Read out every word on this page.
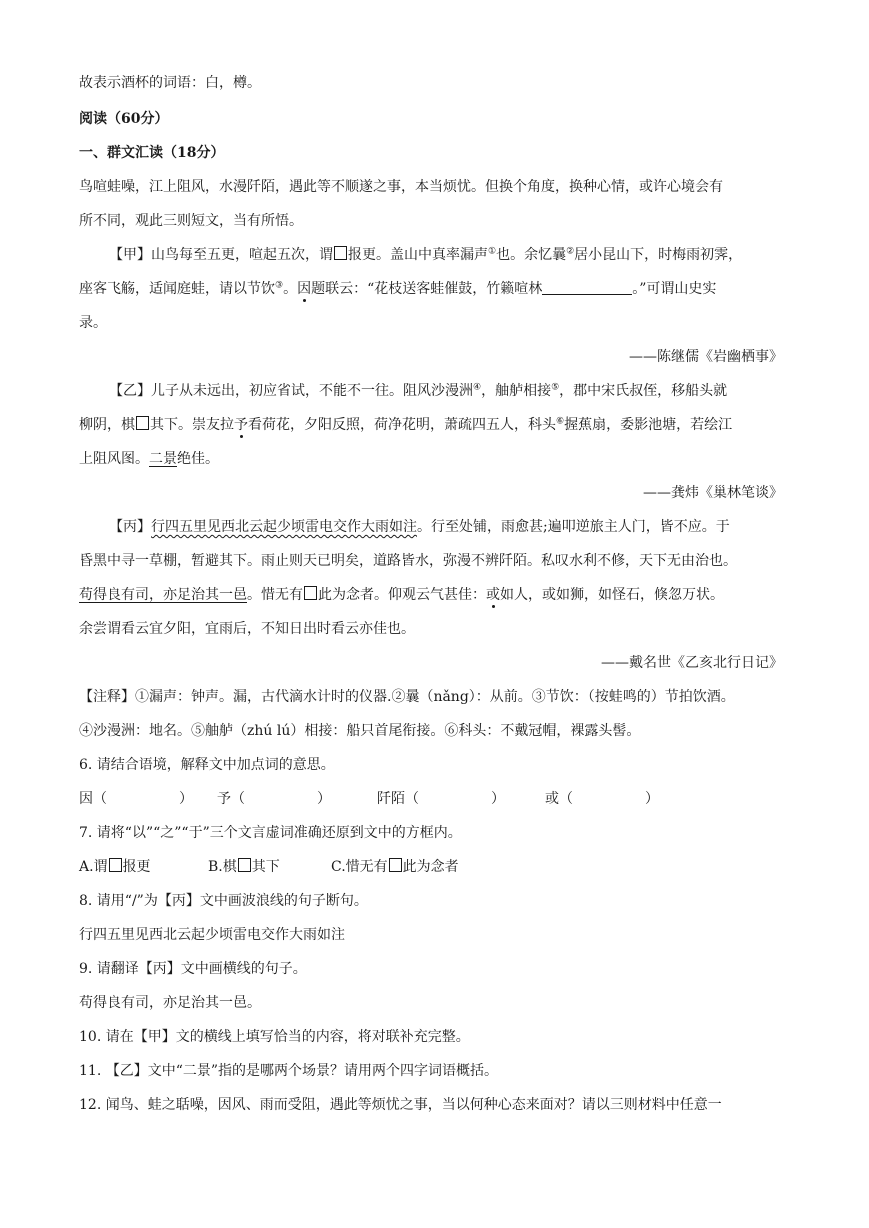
故表示酒杯的词语：白，樽。
阅读（60分）
一、群文汇读（18分）
鸟喧蛙噪，江上阻风，水漫阡陌，遇此等不顺遂之事，本当烦忧。但换个角度，换种心情，或许心境会有
所不同，观此三则短文，当有所悟。
【甲】山鸟每至五更，喧起五次，谓 报更。盖山中真率漏声①也。余忆曩②居小昆山下，时梅雨初霁，
座客飞觞，适闻庭蛙，请以节饮③。因题联云：“花枝送客蛙催鼓，竹籁喧林	。”可谓山史实
录。
——陈继儒《岩幽栖事》
【乙】儿子从未远出，初应省试，不能不一往。阻风沙漫洲④，舳舻相接⑤，郡中宋氏叔侄，移船头就
柳阴，棋 其下。崇友拉予看荷花，夕阳反照，荷净花明，萧疏四五人，科头⑥握蕉扇，委影池塘，若绘江
上阻风图。二景绝佳。
——龚炜《巢林笔谈》
【丙】行四五里见西北云起少顷雷电交作大雨如注。行至处铺，雨愈甚;遍叩逆旅主人门，皆不应。于
昏黑中寻一草棚，暂避其下。雨止则天已明矣，道路皆水，弥漫不辨阡陌。私叹水利不修，天下无由治也。
苟得良有司，亦足治其一邑。惜无有 此为念者。仰观云气甚佳：或如人，或如狮，如怪石，倏忽万状。
余尝谓看云宜夕阳，宜雨后，不知日出时看云亦佳也。
——戴名世《乙亥北行日记》
【注释】①漏声：钟声。漏，古代滴水计时的仪器.②曩（nǎng）：从前。③节饮：（按蛙鸣的）节拍饮酒。
④沙漫洲：地名。⑤舳舻（zhú lú）相接：船只首尾衔接。⑥科头：不戴冠帽，裸露头髻。
6. 请结合语境，解释文中加点词的意思。
因（	） 予（	）	阡陌（	）	或（	）
7. 请将“以”“之”“于”三个文言虚词准确还原到文中的方框内。
A.谓 报更	B.棋 其下	C.惜无有 此为念者
8. 请用“/”为【丙】文中画波浪线的句子断句。
行四五里见西北云起少顷雷电交作大雨如注
9. 请翻译【丙】文中画横线的句子。
苟得良有司，亦足治其一邑。
10. 请在【甲】文的横线上填写恰当的内容，将对联补充完整。
11. 【乙】文中“二景”指的是哪两个场景？请用两个四字词语概括。
12. 闻鸟、蛙之聒噪，因风、雨而受阻，遇此等烦忧之事，当以何种心态来面对？请以三则材料中任意一
